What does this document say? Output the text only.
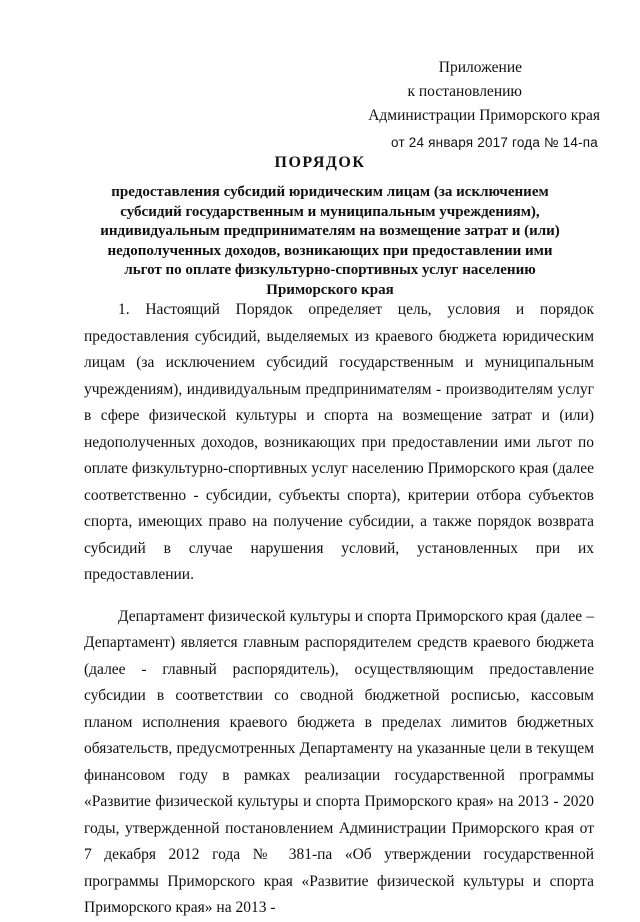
Приложение
к постановлению
Администрации Приморского края
от 24 января 2017 года № 14-па
ПОРЯДОК
предоставления субсидий юридическим лицам (за исключением субсидий государственным и муниципальным учреждениям), индивидуальным предпринимателям на возмещение затрат и (или) недополученных доходов, возникающих при предоставлении ими льгот по оплате физкультурно-спортивных услуг населению Приморского края

1. Настоящий Порядок определяет цель, условия и порядок предоставления субсидий, выделяемых из краевого бюджета юридическим лицам (за исключением субсидий государственным и муниципальным учреждениям), индивидуальным предпринимателям - производителям услуг в сфере физической культуры и спорта на возмещение затрат и (или) недополученных доходов, возникающих при предоставлении ими льгот по оплате физкультурно-спортивных услуг населению Приморского края (далее соответственно - субсидии, субъекты спорта), критерии отбора субъектов спорта, имеющих право на получение субсидии, а также порядок возврата субсидий в случае нарушения условий, установленных при их предоставлении.

Департамент физической культуры и спорта Приморского края (далее – Департамент) является главным распорядителем средств краевого бюджета (далее - главный распорядитель), осуществляющим предоставление субсидии в соответствии со сводной бюджетной росписью, кассовым планом исполнения краевого бюджета в пределах лимитов бюджетных обязательств, предусмотренных Департаменту на указанные цели в текущем финансовом году в рамках реализации государственной программы «Развитие физической культуры и спорта Приморского края» на 2013 - 2020 годы, утвержденной постановлением Администрации Приморского края от 7 декабря 2012 года № 381-па «Об утверждении государственной программы Приморского края «Развитие физической культуры и спорта Приморского края» на 2013 -
